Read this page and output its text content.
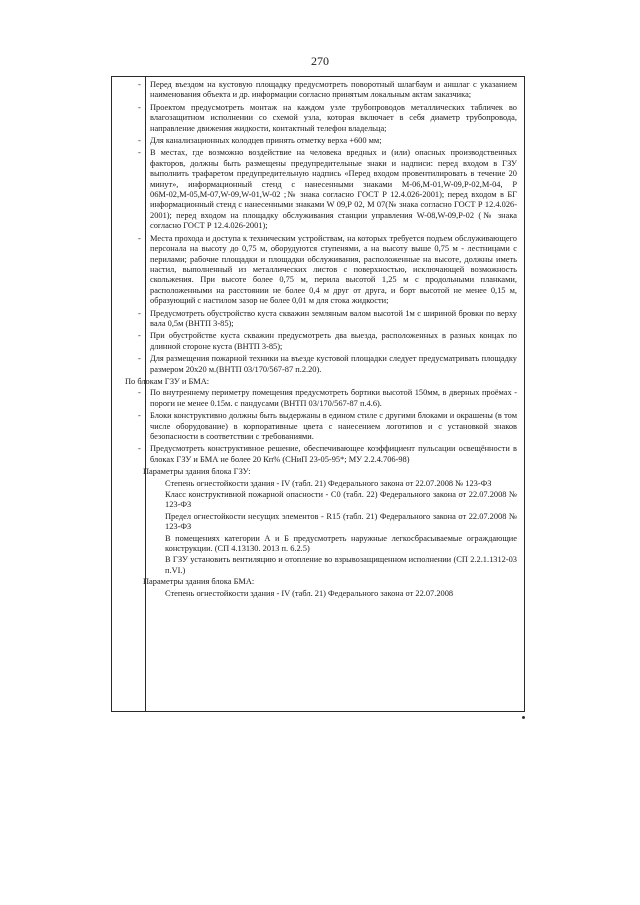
270
- Перед въездом на кустовую площадку предусмотреть поворотный шлагбаум и аншлаг с указанием наименования объекта и др. информации согласно принятым локальным актам заказчика;
- Проектом предусмотреть монтаж на каждом узле трубопроводов металлических табличек во влагозащитном исполнении со схемой узла, которая включает в себя диаметр трубопровода, направление движения жидкости, контактный телефон владельца;
- Для канализационных колодцев принять отметку верха +600 мм;
- В местах, где возможно воздействие на человека вредных и (или) опасных производственных факторов, должны быть размещены предупредительные знаки и надписи: перед входом в ГЗУ выполнить трафаретом предупредительную надпись «Перед входом провентилировать в течение 20 минут», информационный стенд с нанесенными знаками М-06,М-01,W-09,Р-02,М-04, Р 06М-02,М-05,М-07,W-09,W-01,W-02 ;№ знака согласно ГОСТ Р 12.4.026-2001); перед входом в БГ информационный стенд с нанесенными знаками W 09,Р 02, М 07(№ знака согласно ГОСТ Р 12.4.026-2001); перед входом на площадку обслуживания станции управления W-08,W-09,Р-02 (№ знака согласно ГОСТ Р 12.4.026-2001);
- Места прохода и доступа к техническим устройствам, на которых требуется подъем обслуживающего персонала на высоту до 0,75 м, оборудуются ступенями, а на высоту выше 0,75 м - лестницами с перилами; рабочие площадки и площадки обслуживания, расположенные на высоте, должны иметь настил, выполненный из металлических листов с поверхностью, исключающей возможность скольжения. При высоте более 0,75 м, перила высотой 1,25 м с продольными планками, расположенными на расстоянии не более 0,4 м друг от друга, и борт высотой не менее 0,15 м, образующий с настилом зазор не более 0,01 м для стока жидкости;
- Предусмотреть обустройство куста скважин земляным валом высотой 1м с шириной бровки по верху вала 0,5м (ВНТП 3-85);
- При обустройстве куста скважин предусмотреть два выезда, расположенных в разных концах по длинной стороне куста (ВНТП 3-85);
- Для размещения пожарной техники на въезде кустовой площадки следует предусматривать площадку размером 20х20 м.(ВНТП 03/170/567-87 п.2.20).
По блокам ГЗУ и БМА:
- По внутреннему периметру помещения предусмотреть бортики высотой 150мм, в дверных проёмах - пороги не менее 0.15м. с пандусами (ВНТП 03/170/567-87 п.4.6).
- Блоки конструктивно должны быть выдержаны в едином стиле с другими блоками и окрашены (в том числе оборудование) в корпоративные цвета с нанесением логотипов и с установкой знаков безопасности в соответствии с требованиями.
- Предусмотреть конструктивное решение, обеспечивающее коэффициент пульсации освещённости в блоках ГЗУ и БМА не более 20 Кп% (СНиП 23-05-95*; МУ 2.2.4.706-98)
Параметры здания блока ГЗУ:
Степень огнестойкости здания - IV (табл. 21) Федерального закона от 22.07.2008 № 123-ФЗ
Класс конструктивной пожарной опасности - С0 (табл. 22) Федерального закона от 22.07.2008 № 123-ФЗ
Предел огнестойкости несущих элементов - R15 (табл. 21) Федерального закона от 22.07.2008 № 123-ФЗ
В помещениях категории А и Б предусмотреть наружные легкосбрасываемые ограждающие конструкции. (СП 4.13130. 2013 п. 6.2.5)
В ГЗУ установить вентиляцию и отопление во взрывозащищенном исполнении (СП 2.2.1.1312-03 п.VI.)
Параметры здания блока БМА:
Степень огнестойкости здания - IV (табл. 21) Федерального закона от 22.07.2008
